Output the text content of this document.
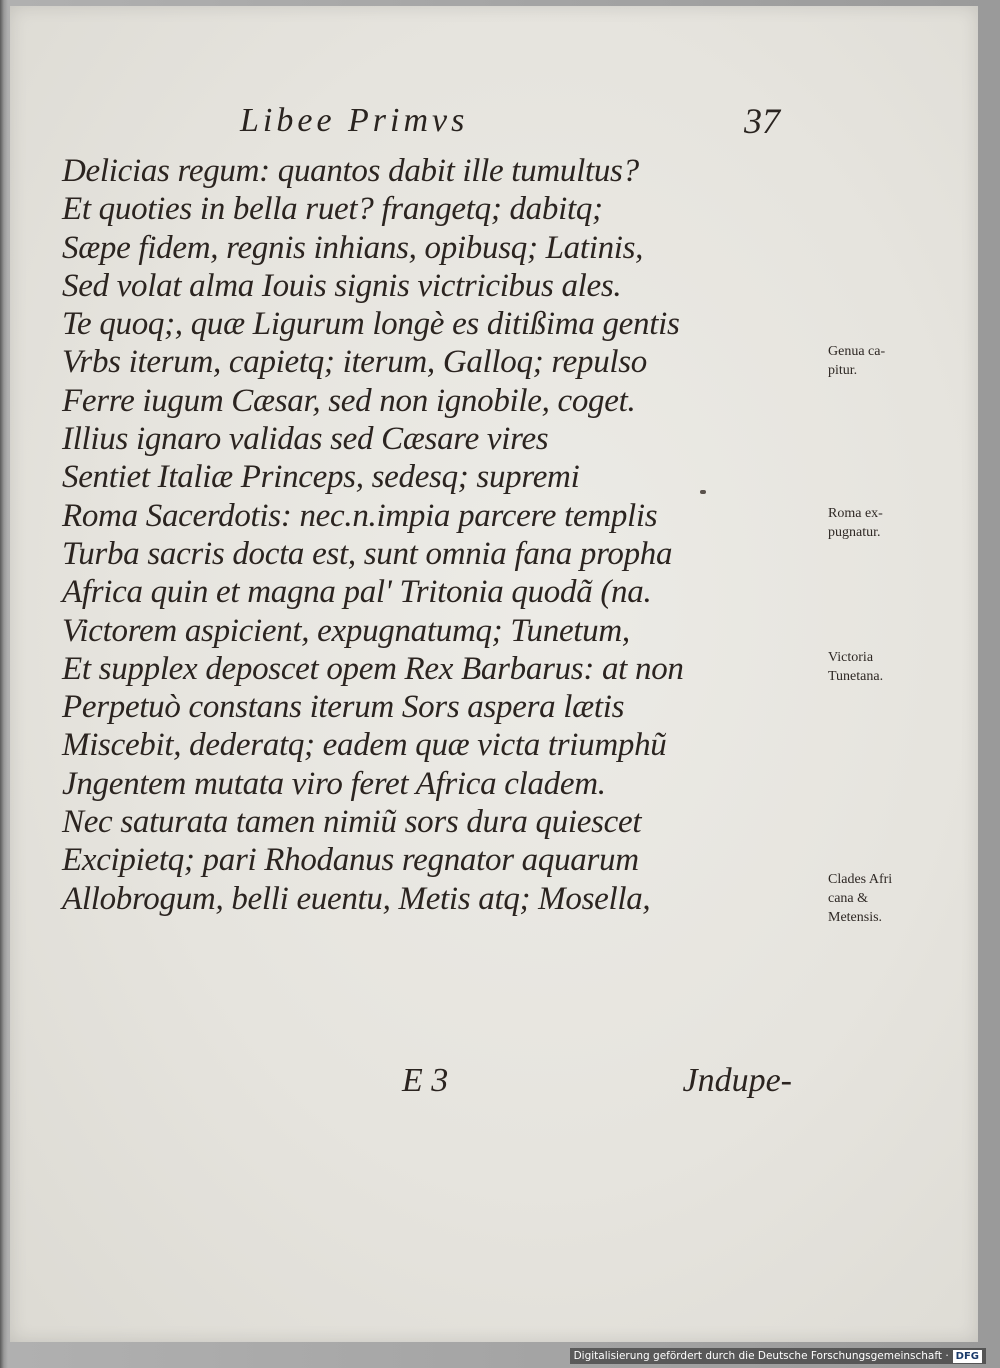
Libee Primvs	37
Delicias regum: quantos dabit ille tumultus?
Et quoties in bella ruet? frangetq; dabitq;
Sæpe fidem, regnis inhians, opibusq; Latinis,
Sed volat alma Iouis signis victricibus ales.
Te quoq;, quæ Ligurum longè es ditißima gentis
Vrbs iterum, capietq; iterum, Galloq; repulso
Ferre iugum Cæsar, sed non ignobile, coget.
Illius ignaro validas sed Cæsare vires
Sentiet Italiæ Princeps, sedesq; supremi
Roma Sacerdotis: nec.n.impia parcere templis
Turba sacris docta est, sunt omnia fana propha
Africa quin et magna pal' Tritonia quodã (na.
Victorem aspicient, expugnatumq; Tunetum,
Et supplex deposcet opem Rex Barbarus: at non
Perpetuò constans iterum Sors aspera lætis
Miscebit, dederatq; eadem quæ victa triumphũ
Jngentem mutata viro feret Africa cladem.
Nec saturata tamen nimiũ sors dura quiescet
Excipietq; pari Rhodanus regnator aquarum
Allobrogum, belli euentu, Metis atq; Mosella,
Genua ca-
pitur.
Roma ex-
pugnatur.
Victoria
Tunetana.
Clades Afri
cana &
Metensis.
E 3	Jndupe-
Digitalisierung gefördert durch die Deutsche Forschungsgemeinschaft · DFG
